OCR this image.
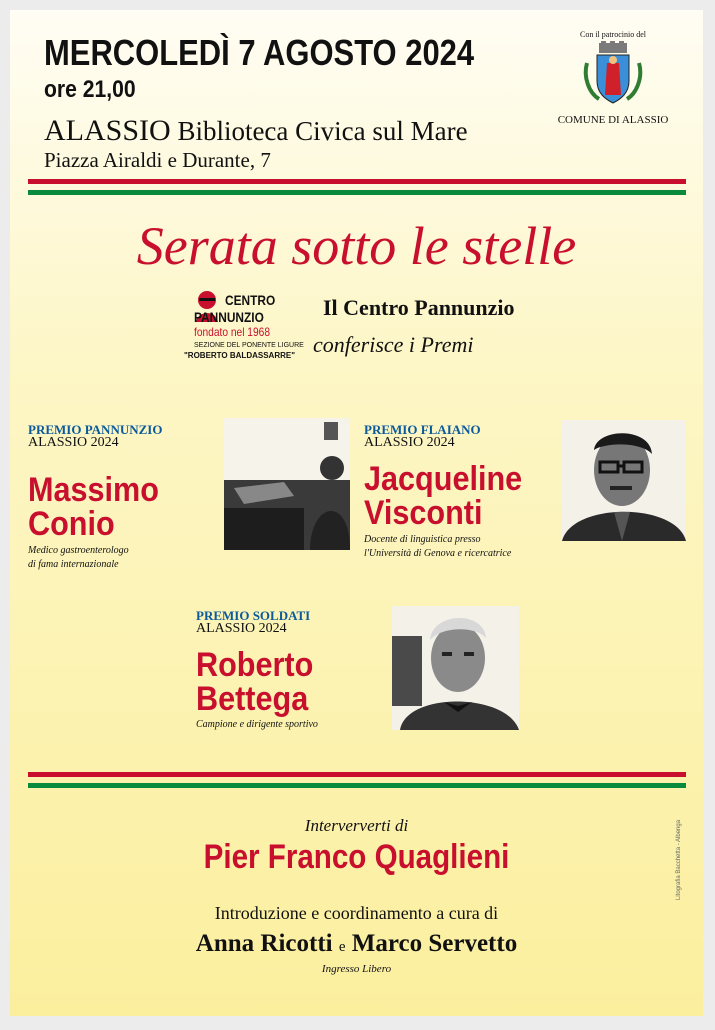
MERCOLEDÌ 7 AGOSTO 2024
ore 21,00
ALASSIO Biblioteca Civica sul Mare
Piazza Airaldi e Durante, 7
Con il patrocinio del
COMUNE DI ALASSIO
Serata sotto le stelle
CENTRO
PANNUNZIO
fondato nel 1968
SEZIONE DEL PONENTE LIGURE
"ROBERTO BALDASSARRE"
Il Centro Pannunzio
conferisce i Premi
PREMIO PANNUNZIO
ALASSIO 2024
Massimo
Conio
Medico gastroenterologo
di fama internazionale
PREMIO FLAIANO
ALASSIO 2024
Jacqueline
Visconti
Docente di linguistica presso
l'Università di Genova e ricercatrice
PREMIO SOLDATI
ALASSIO 2024
Roberto
Bettega
Campione e dirigente sportivo
Interververti di
Pier Franco Quaglieni
Introduzione e coordinamento a cura di
Anna Ricotti e Marco Servetto
Ingresso Libero
Litografia Bacchetta - Albenga
